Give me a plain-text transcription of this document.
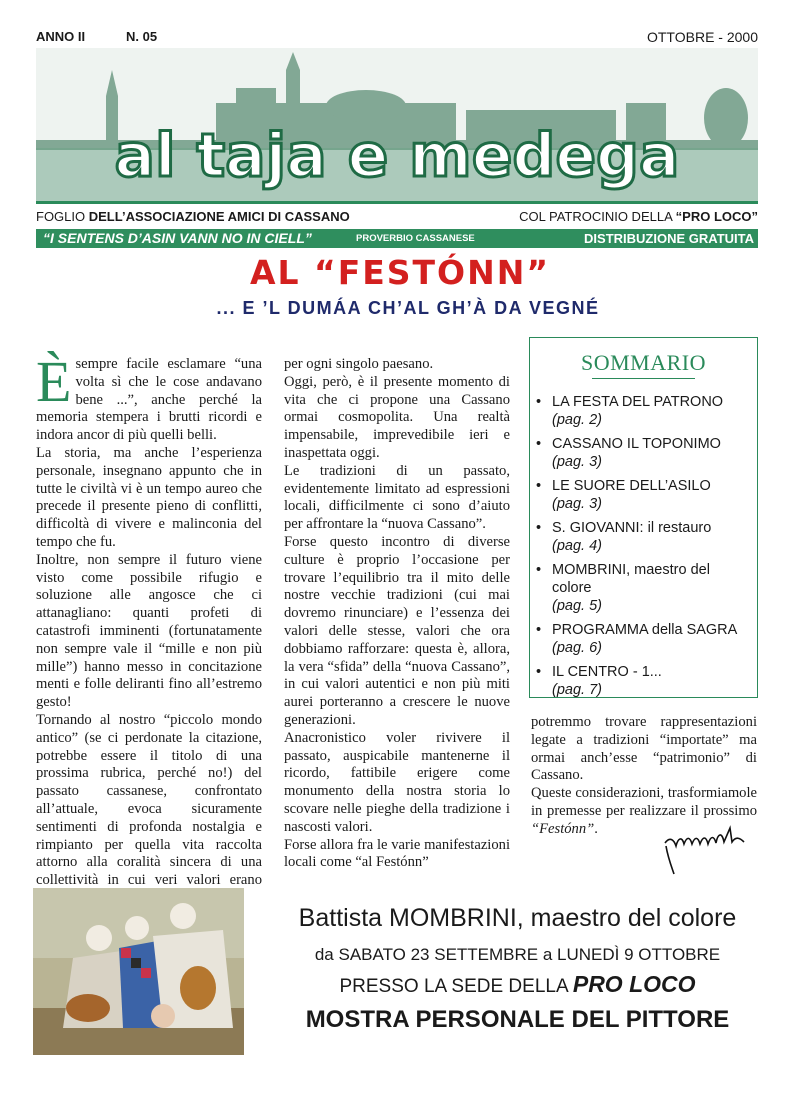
ANNO II	N. 05	OTTOBRE - 2000
al taja e medega
FOGLIO DELL’ASSOCIAZIONE AMICI DI CASSANO	COL PATROCINIO DELLA “PRO LOCO”
“I SENTENS D’ASIN VANN NO IN CIELL”	PROVERBIO CASSANESE	DISTRIBUZIONE GRATUITA
AL “FESTÓNN”
... E ’L DUMÁA CH’AL GH’À DA VEGNÉ

Èsempre facile esclamare “una volta sì che le cose andavano bene ...”, anche perché la memoria stempera i brutti ricordi e indora ancor di più quelli belli.

La storia, ma anche l’esperienza personale, insegnano appunto che in tutte le civiltà vi è un tempo aureo che precede il presente pieno di conflitti, difficoltà di vivere e malinconia del tempo che fu.

Inoltre, non sempre il futuro viene visto come possibile rifugio e soluzione alle angosce che ci attanagliano: quanti profeti di catastrofi imminenti (fortunatamente non sempre vale il “mille e non più mille”) hanno messo in concitazione menti e folle deliranti fino all’estremo gesto!

Tornando al nostro “piccolo mondo antico” (se ci perdonate la citazione, potrebbe essere il titolo di una prossima rubrica, perché no!) del passato cassanese, confrontato all’attuale, evoca sicuramente sentimenti di profonda nostalgia e rimpianto per quella vita raccolta attorno alla coralità sincera di una collettività in cui veri valori erano

per ogni singolo paesano.

Oggi, però, è il presente momento di vita che ci propone una Cassano ormai cosmopolita. Una realtà impensabile, imprevedibile ieri e inaspettata oggi.

Le tradizioni di un passato, evidentemente limitato ad espressioni locali, difficilmente ci sono d’aiuto per affrontare la “nuova Cassano”.

Forse questo incontro di diverse culture è proprio l’occasione per trovare l’equilibrio tra il mito delle nostre vecchie tradizioni (cui mai dovremo rinunciare) e l’essenza dei valori delle stesse, valori che ora dobbiamo rafforzare: questa è, allora, la vera “sfida” della “nuova Cassano”, in cui valori autentici e non più miti aurei porteranno a crescere le nuove generazioni.

Anacronistico voler rivivere il passato, auspicabile mantenerne il ricordo, fattibile erigere come monumento della nostra storia lo scovare nelle pieghe della tradizione i nascosti valori.

Forse allora fra le varie manifestazioni locali come “al Festónn”

SOMMARIO
• LA FESTA DEL PATRONO
(pag. 2)
• CASSANO IL TOPONIMO
(pag. 3)
• LE SUORE DELL’ASILO
(pag. 3)
• S. GIOVANNI: il restauro
(pag. 4)
• MOMBRINI, maestro del colore
(pag. 5)
• PROGRAMMA della SAGRA
(pag. 6)
• IL CENTRO - 1...
(pag. 7)

potremmo trovare rappresentazioni legate a tradizioni “importate” ma ormai anch’esse “patrimonio” di Cassano.

Queste considerazioni, trasformiamole in premesse per realizzare il prossimo “Festónn”.

Battista MOMBRINI, maestro del colore
da SABATO 23 SETTEMBRE a LUNEDÌ 9 OTTOBRE
PRESSO LA SEDE DELLA PRO LOCO
MOSTRA PERSONALE DEL PITTORE
